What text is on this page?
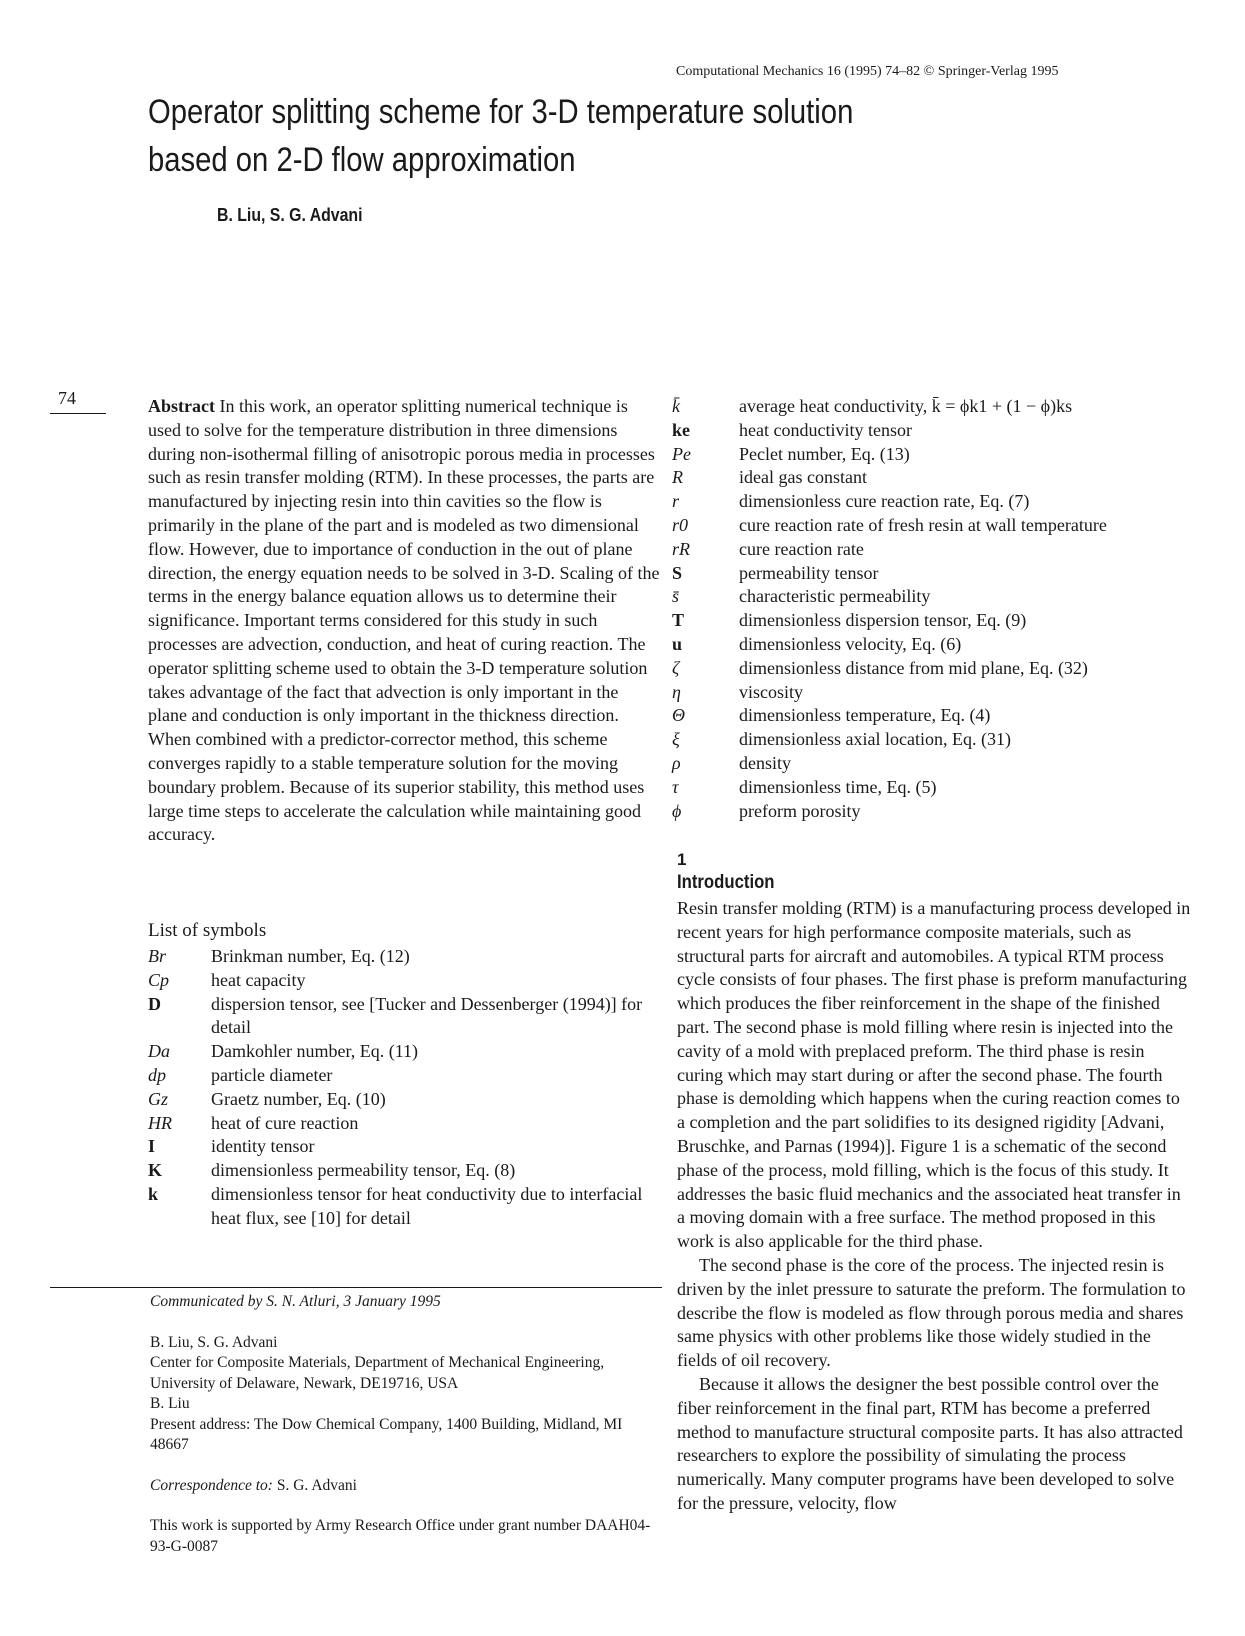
Computational Mechanics 16 (1995) 74–82 © Springer-Verlag 1995
Operator splitting scheme for 3-D temperature solution based on 2-D flow approximation
B. Liu, S. G. Advani
74	Abstract In this work, an operator splitting numerical technique is used to solve for the temperature distribution in three dimensions during non-isothermal filling of anisotropic porous media in processes such as resin transfer molding (RTM). In these processes, the parts are manufactured by injecting resin into thin cavities so the flow is primarily in the plane of the part and is modeled as two dimensional flow. However, due to importance of conduction in the out of plane direction, the energy equation needs to be solved in 3-D. Scaling of the terms in the energy balance equation allows us to determine their significance. Important terms considered for this study in such processes are advection, conduction, and heat of curing reaction. The operator splitting scheme used to obtain the 3-D temperature solution takes advantage of the fact that advection is only important in the plane and conduction is only important in the thickness direction. When combined with a predictor-corrector method, this scheme converges rapidly to a stable temperature solution for the moving boundary problem. Because of its superior stability, this method uses large time steps to accelerate the calculation while maintaining good accuracy.
List of symbols
Br	Brinkman number, Eq. (12)
Cp	heat capacity
D	dispersion tensor, see [Tucker and Dessenberger (1994)] for detail
Da	Damkohler number, Eq. (11)
dp	particle diameter
Gz	Graetz number, Eq. (10)
HR	heat of cure reaction
I	identity tensor
K	dimensionless permeability tensor, Eq. (8)
k	dimensionless tensor for heat conductivity due to interfacial heat flux, see [10] for detail

Communicated by S. N. Atluri, 3 January 1995

B. Liu, S. G. Advani

Center for Composite Materials, Department of Mechanical Engineering, University of Delaware, Newark, DE19716, USA

B. Liu

Present address: The Dow Chemical Company, 1400 Building, Midland, MI 48667

Correspondence to: S. G. Advani

This work is supported by Army Research Office under grant number DAAH04-93-G-0087

k̄	average heat conductivity, k̄ = ϕk1 + (1 − ϕ)ks
ke	heat conductivity tensor
Pe	Peclet number, Eq. (13)
R	ideal gas constant
r	dimensionless cure reaction rate, Eq. (7)
r0	cure reaction rate of fresh resin at wall temperature
rR	cure reaction rate
S	permeability tensor
s̄	characteristic permeability
T	dimensionless dispersion tensor, Eq. (9)
u	dimensionless velocity, Eq. (6)
ζ	dimensionless distance from mid plane, Eq. (32)
η	viscosity
Θ	dimensionless temperature, Eq. (4)
ξ	dimensionless axial location, Eq. (31)
ρ	density
τ	dimensionless time, Eq. (5)
ϕ	preform porosity
1
Introduction

Resin transfer molding (RTM) is a manufacturing process developed in recent years for high performance composite materials, such as structural parts for aircraft and automobiles. A typical RTM process cycle consists of four phases. The first phase is preform manufacturing which produces the fiber reinforcement in the shape of the finished part. The second phase is mold filling where resin is injected into the cavity of a mold with preplaced preform. The third phase is resin curing which may start during or after the second phase. The fourth phase is demolding which happens when the curing reaction comes to a completion and the part solidifies to its designed rigidity [Advani, Bruschke, and Parnas (1994)]. Figure 1 is a schematic of the second phase of the process, mold filling, which is the focus of this study. It addresses the basic fluid mechanics and the associated heat transfer in a moving domain with a free surface. The method proposed in this work is also applicable for the third phase.

The second phase is the core of the process. The injected resin is driven by the inlet pressure to saturate the preform. The formulation to describe the flow is modeled as flow through porous media and shares same physics with other problems like those widely studied in the fields of oil recovery.

Because it allows the designer the best possible control over the fiber reinforcement in the final part, RTM has become a preferred method to manufacture structural composite parts. It has also attracted researchers to explore the possibility of simulating the process numerically. Many computer programs have been developed to solve for the pressure, velocity, flow
